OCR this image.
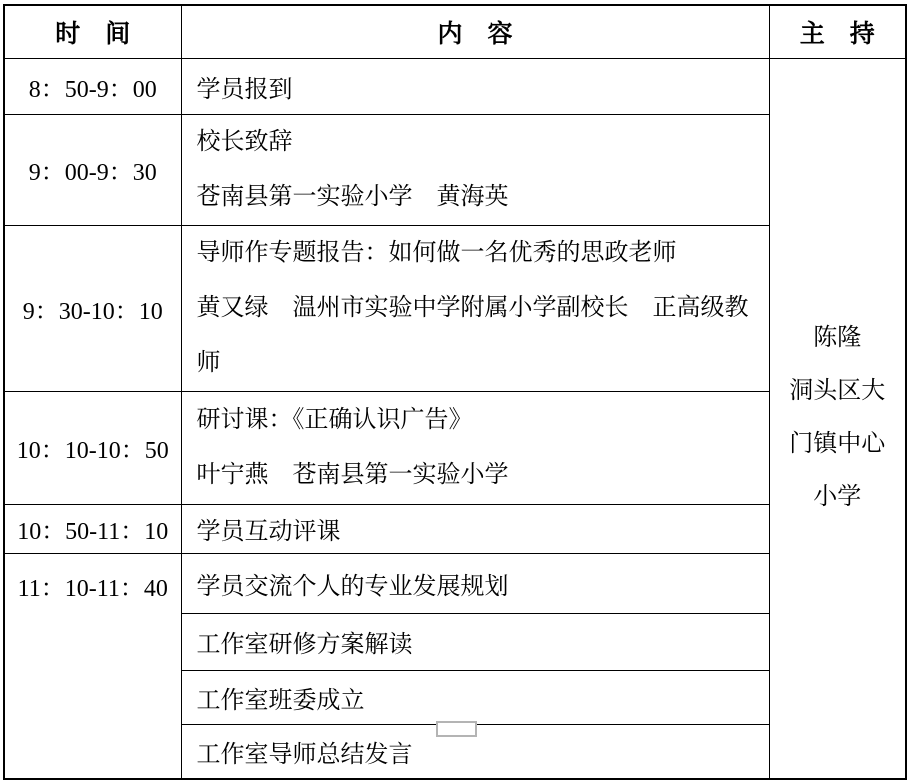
时　间	内　容	主　持
8：50-9：00	学员报到	陈隆
洞头区大
门镇中心
小学

9：00-9：30	校长致辞
苍南县第一实验小学　黄海英	

9：30-10：10	导师作专题报告：如何做一名优秀的思政老师
黄又绿　温州市实验中学附属小学副校长　正高级教师	

10：10-10：50	研讨课：《正确认识广告》
叶宁燕　苍南县第一实验小学	

10：50-11：10	学员互动评课	

11：10-11：40	学员交流个人的专业发展规划	

	工作室研修方案解读	

	工作室班委成立	

	工作室导师总结发言	
